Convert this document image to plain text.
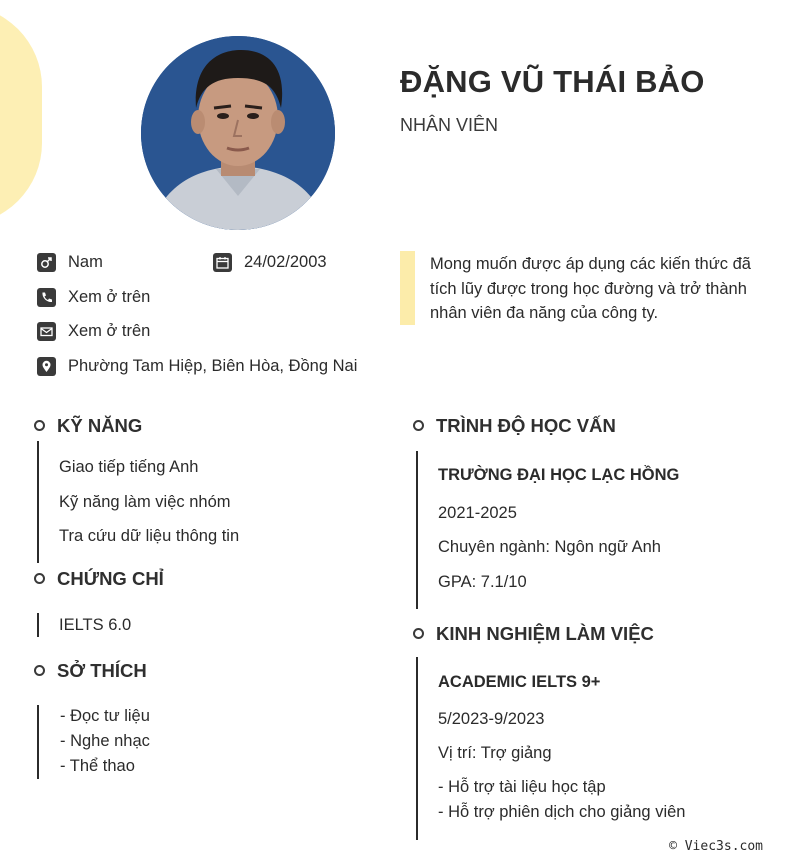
ĐẶNG VŨ THÁI BẢO
NHÂN VIÊN
Nam	24/02/2003
Xem ở trên
Xem ở trên
Phường Tam Hiệp, Biên Hòa, Đồng Nai
Mong muốn được áp dụng các kiến thức đã tích lũy được trong học đường và trở thành nhân viên đa năng của công ty.
KỸ NĂNG
Giao tiếp tiếng Anh
Kỹ năng làm việc nhóm
Tra cứu dữ liệu thông tin
CHỨNG CHỈ
IELTS 6.0
SỞ THÍCH
- Đọc tư liệu
- Nghe nhạc
- Thể thao
TRÌNH ĐỘ HỌC VẤN
TRƯỜNG ĐẠI HỌC LẠC HỒNG
2021-2025
Chuyên ngành: Ngôn ngữ Anh
GPA: 7.1/10
KINH NGHIỆM LÀM VIỆC
ACADEMIC IELTS 9+
5/2023-9/2023
Vị trí: Trợ giảng
- Hỗ trợ tài liệu học tập
- Hỗ trợ phiên dịch cho giảng viên
© Viec3s.com
